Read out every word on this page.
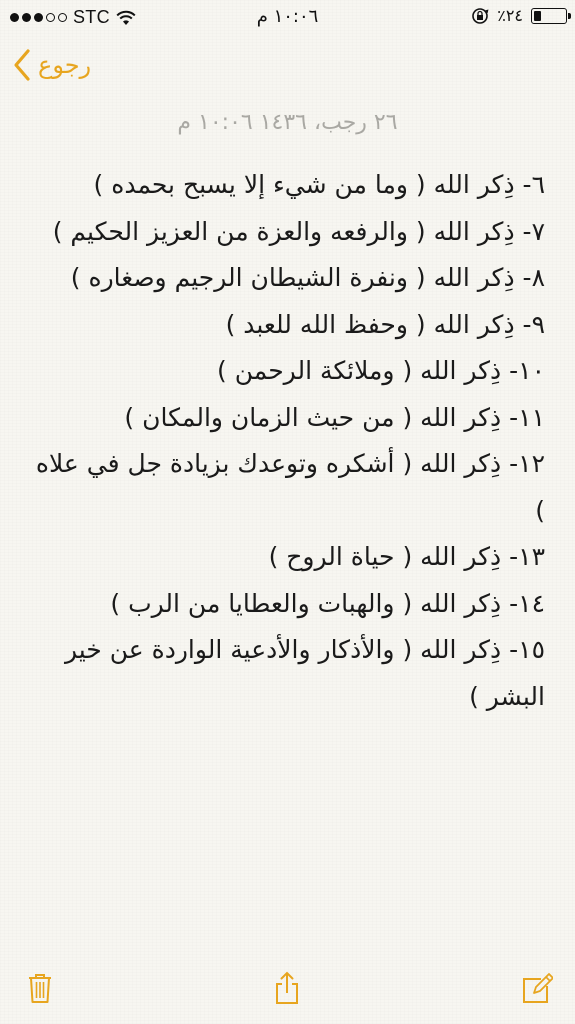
STC	١٠:٠٦ م	٢٤٪
رجوع
٢٦ رجب، ١٤٣٦ ١٠:٠٦ م
٦- ذِكر الله ( وما من شيء إلا يسبح بحمده )
٧- ذِكر الله ( والرفعه والعزة من العزيز الحكيم )
٨- ذِكر الله ( ونفرة الشيطان الرجيم وصغاره )
٩- ذِكر الله ( وحفظ الله للعبد )
١٠- ذِكر الله ( وملائكة الرحمن )
١١- ذِكر الله ( من حيث الزمان والمكان )
١٢- ذِكر الله ( أشكره وتوعدك بزيادة جل في علاه )
١٣- ذِكر الله ( حياة الروح )
١٤- ذِكر الله ( والهبات والعطايا من الرب )
١٥- ذِكر الله ( والأذكار والأدعية الواردة عن خير البشر )
